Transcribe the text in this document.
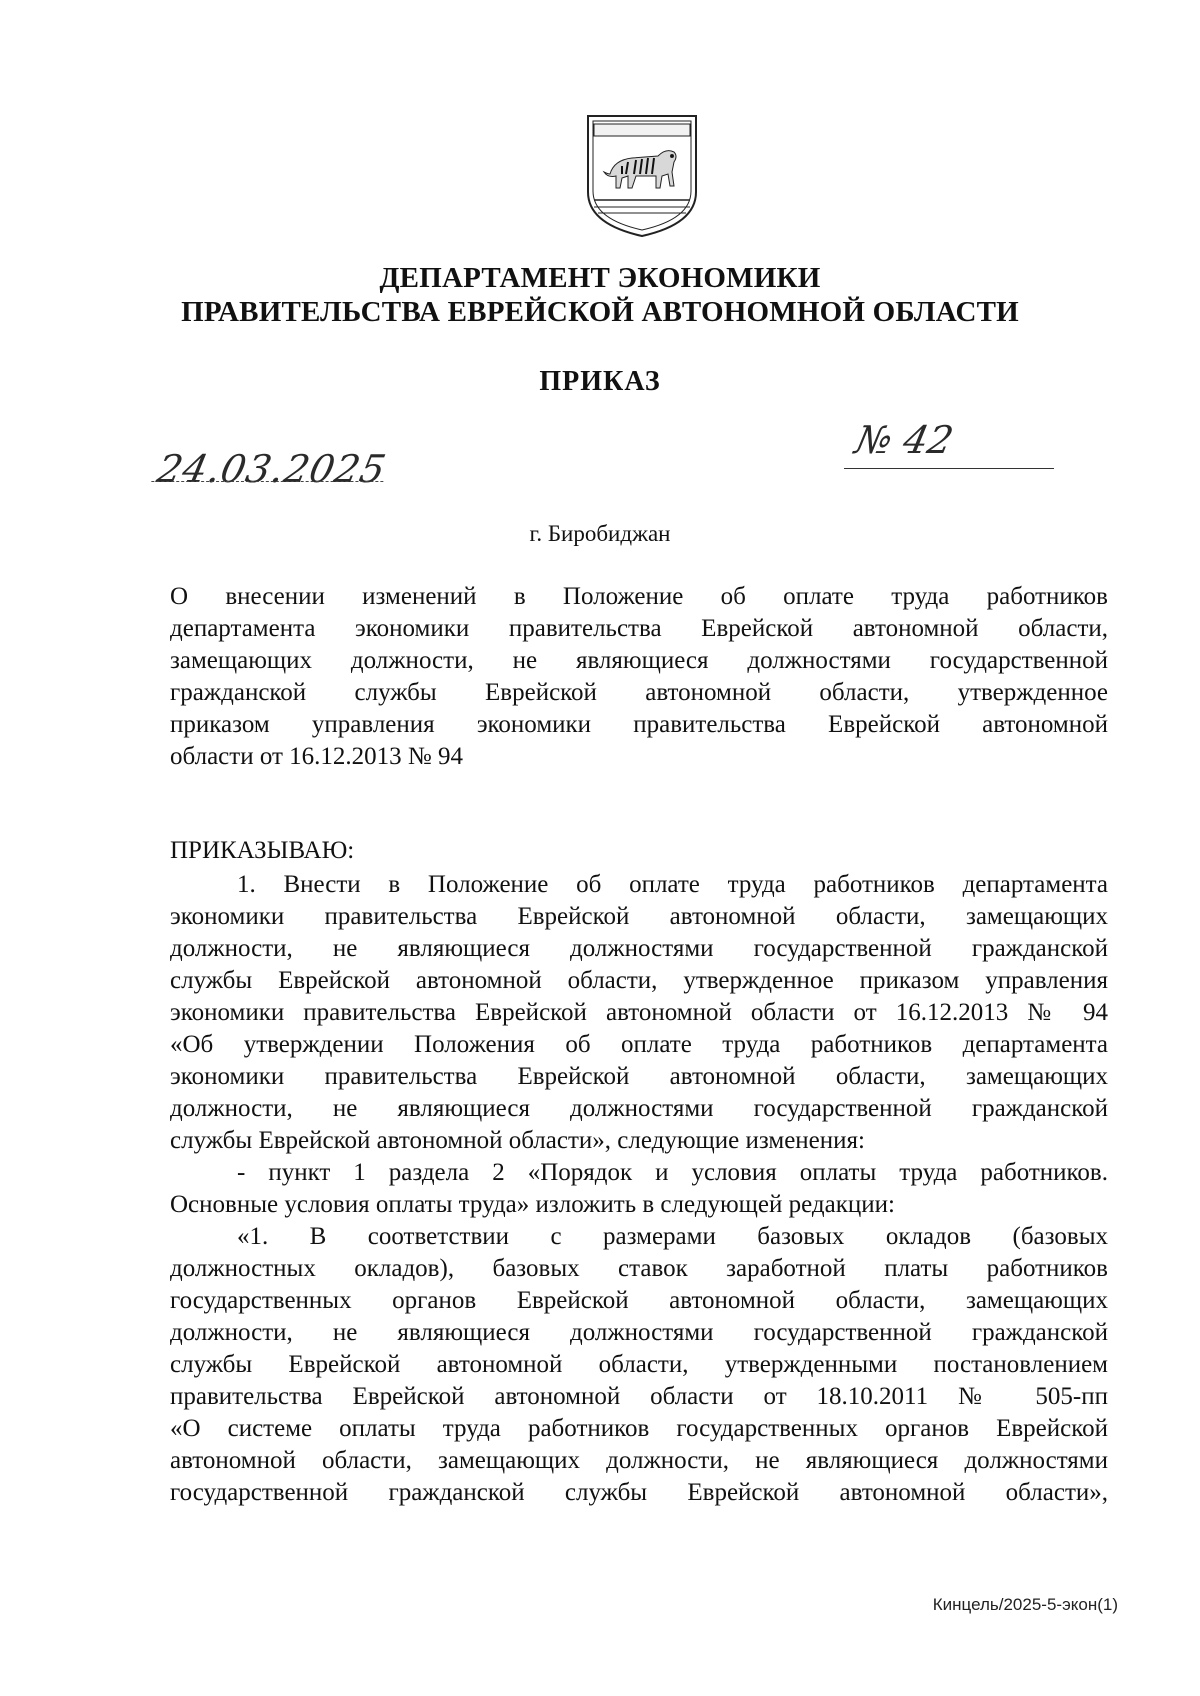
ДЕПАРТАМЕНТ ЭКОНОМИКИ
ПРАВИТЕЛЬСТВА ЕВРЕЙСКОЙ АВТОНОМНОЙ ОБЛАСТИ
ПРИКАЗ
24.03.2025
№ 42
г. Биробиджан
О внесении изменений в Положение об оплате труда работников
департамента экономики правительства Еврейской автономной области,
замещающих должности, не являющиеся должностями государственной
гражданской службы Еврейской автономной области, утвержденное
приказом управления экономики правительства Еврейской автономной
области от 16.12.2013 № 94
ПРИКАЗЫВАЮ:
1. Внести в Положение об оплате труда работников департамента
экономики правительства Еврейской автономной области, замещающих
должности, не являющиеся должностями государственной гражданской
службы Еврейской автономной области, утвержденное приказом управления
экономики правительства Еврейской автономной области от 16.12.2013 № 94
«Об утверждении Положения об оплате труда работников департамента
экономики правительства Еврейской автономной области, замещающих
должности, не являющиеся должностями государственной гражданской
службы Еврейской автономной области», следующие изменения:
- пункт 1 раздела 2 «Порядок и условия оплаты труда работников.
Основные условия оплаты труда» изложить в следующей редакции:
«1. В соответствии с размерами базовых окладов (базовых
должностных окладов), базовых ставок заработной платы работников
государственных органов Еврейской автономной области, замещающих
должности, не являющиеся должностями государственной гражданской
службы Еврейской автономной области, утвержденными постановлением
правительства Еврейской автономной области от 18.10.2011 № 505-пп
«О системе оплаты труда работников государственных органов Еврейской
автономной области, замещающих должности, не являющиеся должностями
государственной гражданской службы Еврейской автономной области»,
Кинцель/2025-5-экон(1)
